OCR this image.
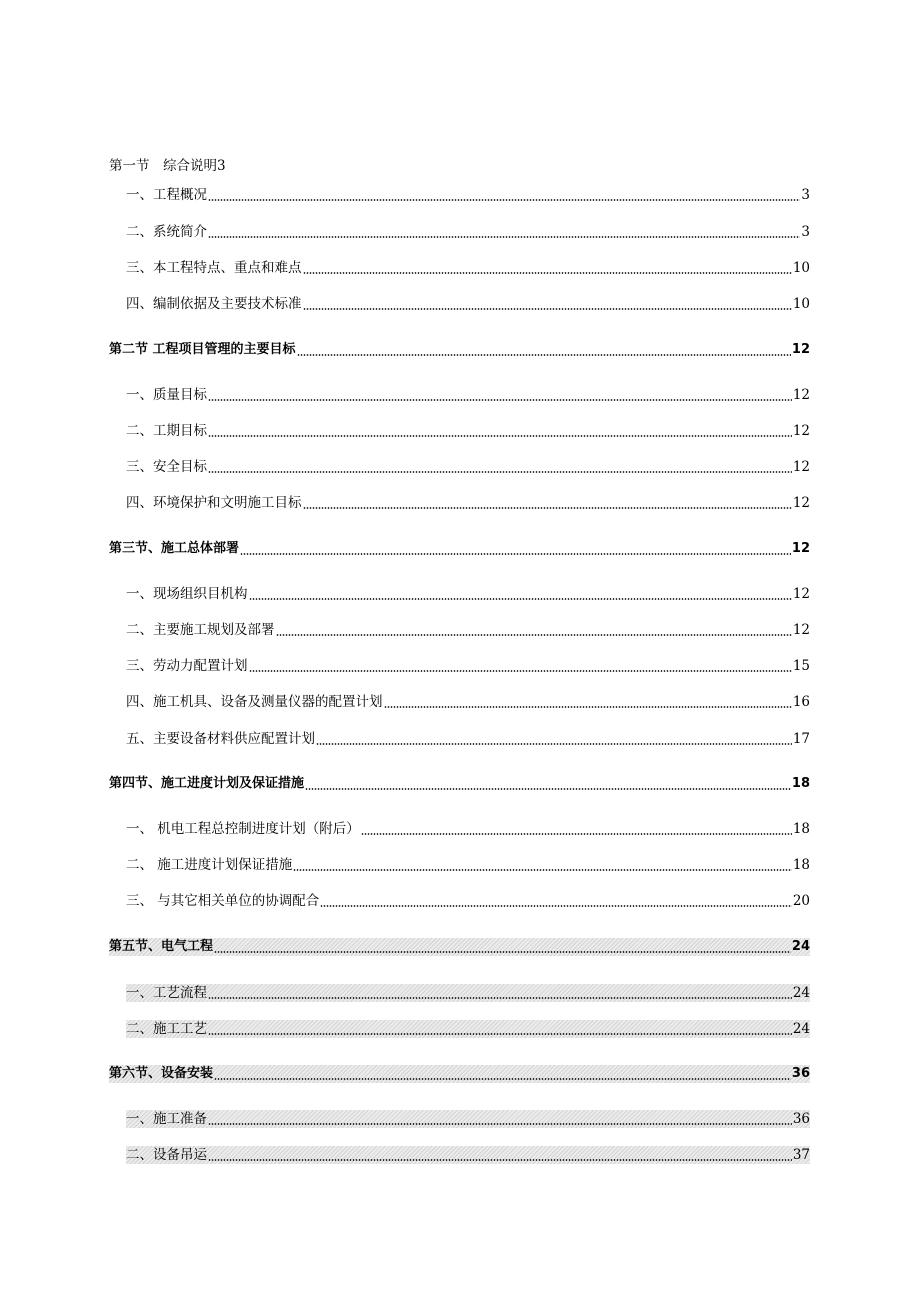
第一节　综合说明3
一、工程概况	3
二、系统简介	3
三、本工程特点、重点和难点	10
四、编制依据及主要技术标准	10
第二节 工程项目管理的主要目标	12
一、质量目标	12
二、工期目标	12
三、安全目标	12
四、环境保护和文明施工目标	12
第三节、施工总体部署	12
一、现场组织目机构	12
二、主要施工规划及部署	12
三、劳动力配置计划	15
四、施工机具、设备及测量仪器的配置计划	16
五、主要设备材料供应配置计划	17
第四节、施工进度计划及保证措施	18
一、 机电工程总控制进度计划（附后）	18
二、 施工进度计划保证措施	18
三、 与其它相关单位的协调配合	20
第五节、电气工程	24
一、工艺流程	24
二、施工工艺	24
第六节、设备安装	36
一、施工准备	36
二、设备吊运	37
